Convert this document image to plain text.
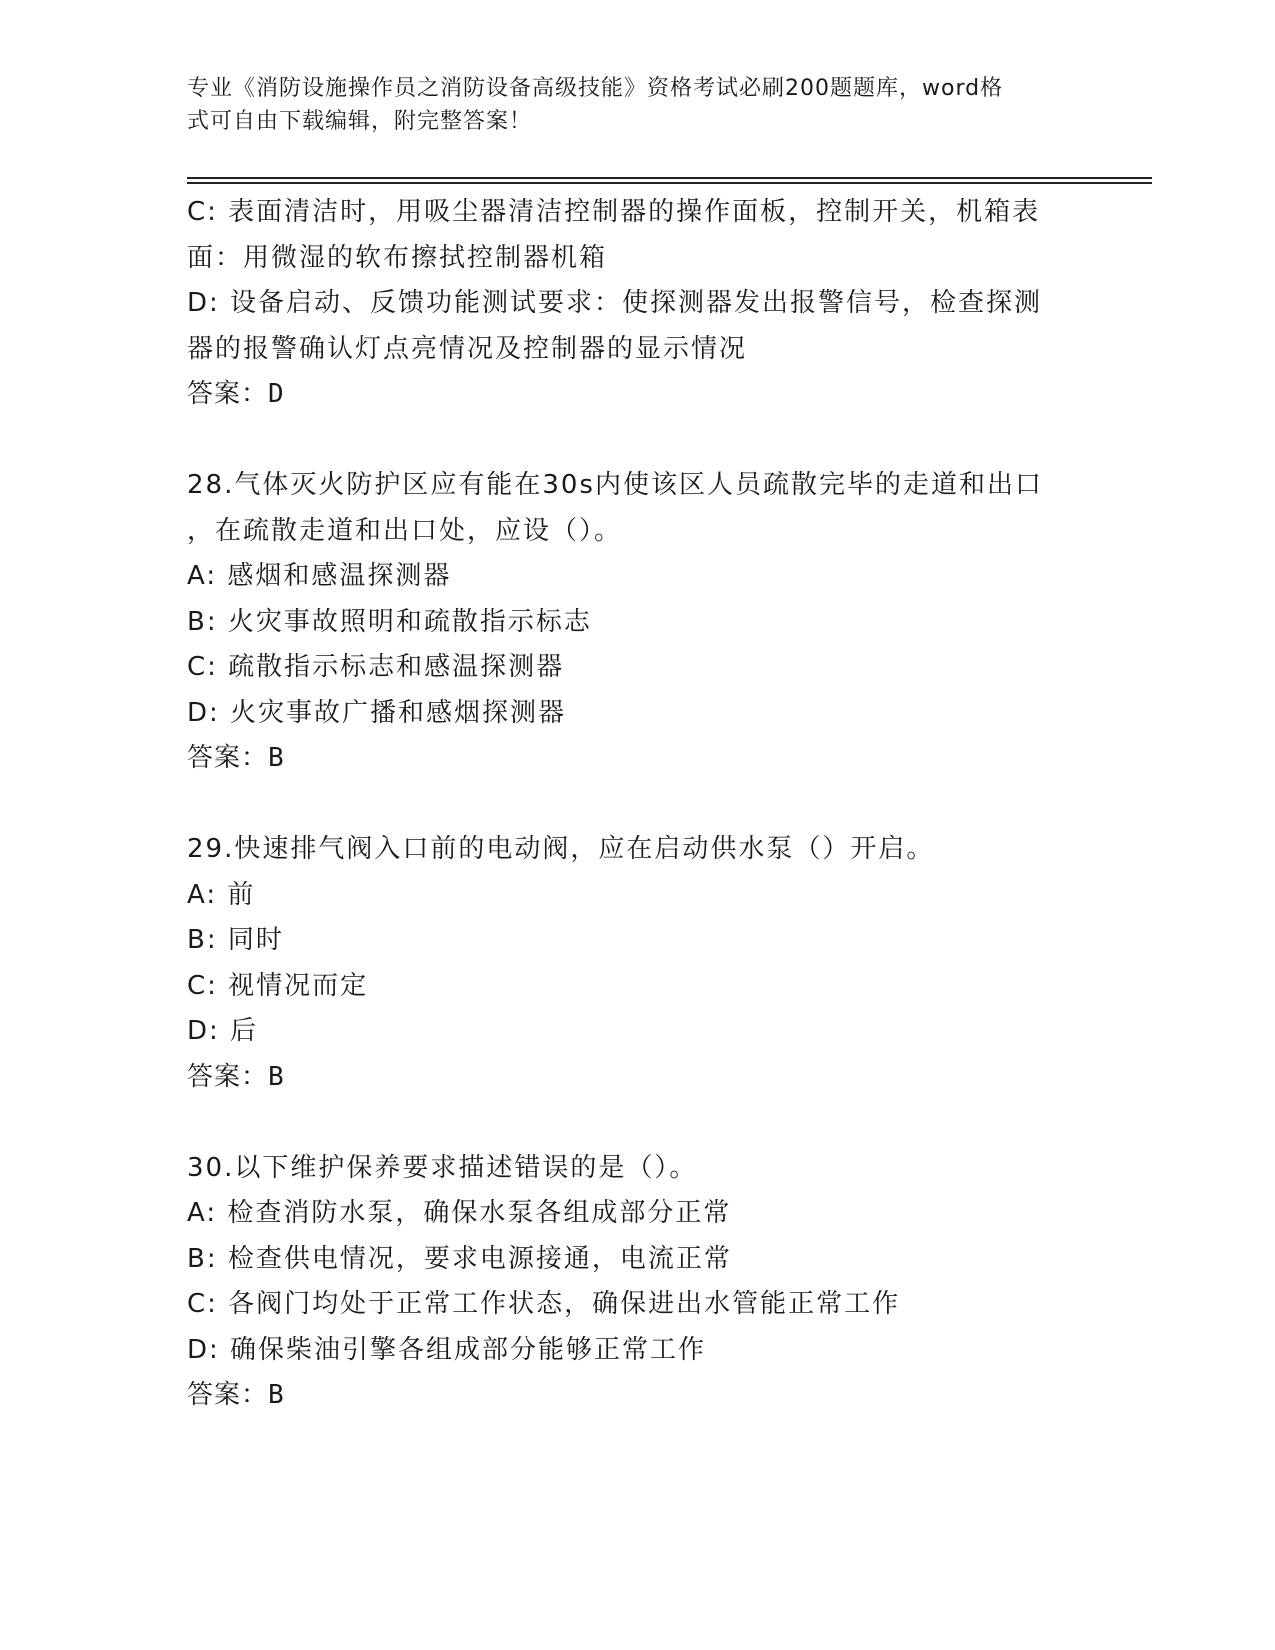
专业《消防设施操作员之消防设备高级技能》资格考试必刷200题题库，word格
式可自由下载编辑，附完整答案！
C: 表面清洁时，用吸尘器清洁控制器的操作面板，控制开关，机箱表
面：用微湿的软布擦拭控制器机箱
D: 设备启动、反馈功能测试要求：使探测器发出报警信号，检查探测
器的报警确认灯点亮情况及控制器的显示情况
答案：D
28.气体灭火防护区应有能在30s内使该区人员疏散完毕的走道和出口
，在疏散走道和出口处，应设（）。
A: 感烟和感温探测器
B: 火灾事故照明和疏散指示标志
C: 疏散指示标志和感温探测器
D: 火灾事故广播和感烟探测器
答案：B
29.快速排气阀入口前的电动阀，应在启动供水泵（）开启。
A: 前
B: 同时
C: 视情况而定
D: 后
答案：B
30.以下维护保养要求描述错误的是（）。
A: 检查消防水泵，确保水泵各组成部分正常
B: 检查供电情况，要求电源接通，电流正常
C: 各阀门均处于正常工作状态，确保进出水管能正常工作
D: 确保柴油引擎各组成部分能够正常工作
答案：B
